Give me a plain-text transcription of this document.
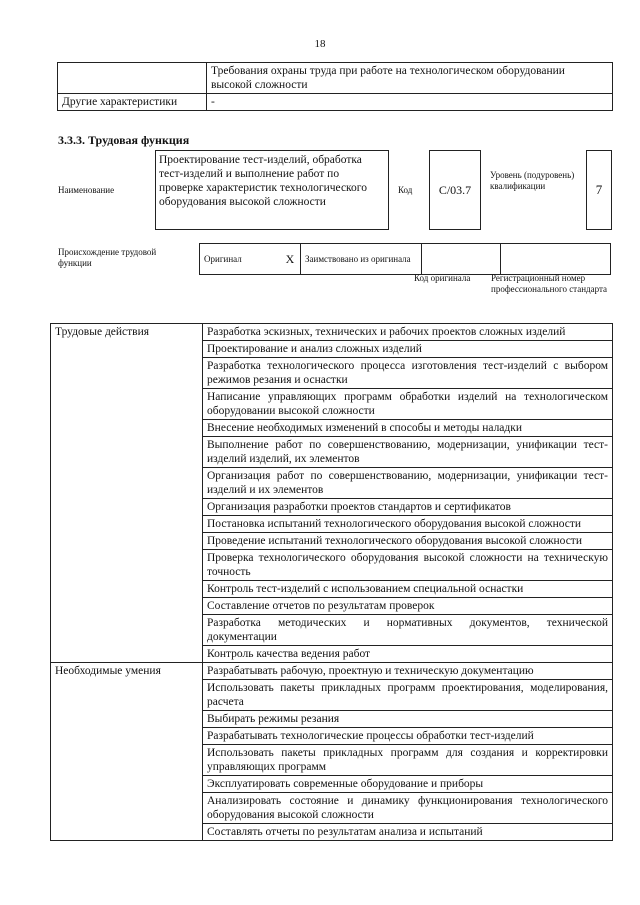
18
	Требования охраны труда при работе на технологическом оборудовании высокой сложности
Другие характеристики	-
3.3.3. Трудовая функция
Наименование
Проектирование тест-изделий, обработка тест-изделий и выполнение работ по проверке характеристик технологического оборудования высокой сложности
Код	С/03.7
Уровень (подуровень) квалификации	7
Происхождение трудовой функции	Оригинал	X	Заимствовано из оригинала		
Код оригинала Регистрационный номер профессионального стандарта
Трудовые действия	Разработка эскизных, технических и рабочих проектов сложных изделий
	Проектирование и анализ сложных изделий
	Разработка технологического процесса изготовления тест-изделий с выбором режимов резания и оснастки
	Написание управляющих программ обработки изделий на технологическом оборудовании высокой сложности
	Внесение необходимых изменений в способы и методы наладки
	Выполнение работ по совершенствованию, модернизации, унификации тест-изделий изделий, их элементов
	Организация работ по совершенствованию, модернизации, унификации тест-изделий и их элементов
	Организация разработки проектов стандартов и сертификатов
	Постановка испытаний технологического оборудования высокой сложности
	Проведение испытаний технологического оборудования высокой сложности
	Проверка технологического оборудования высокой сложности на техническую точность
	Контроль тест-изделий с использованием специальной оснастки
	Составление отчетов по результатам проверок
	Разработка методических и нормативных документов, технической документации
	Контроль качества ведения работ
Необходимые умения	Разрабатывать рабочую, проектную и техническую документацию
	Использовать пакеты прикладных программ проектирования, моделирования, расчета
	Выбирать режимы резания
	Разрабатывать технологические процессы обработки тест-изделий
	Использовать пакеты прикладных программ для создания и корректировки управляющих программ
	Эксплуатировать современные оборудование и приборы
	Анализировать состояние и динамику функционирования технологического оборудования высокой сложности
	Составлять отчеты по результатам анализа и испытаний
